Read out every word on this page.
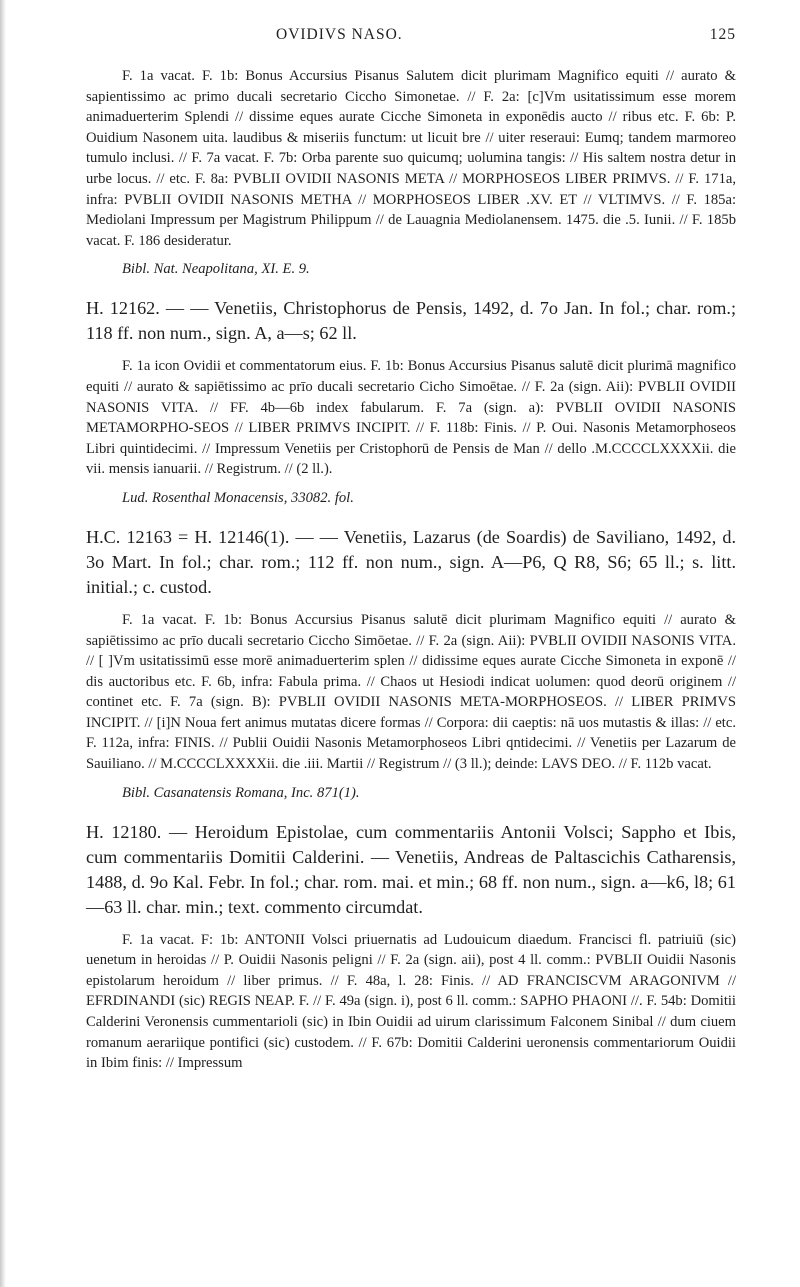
OVIDIVS NASO.	125

F. 1a vacat. F. 1b: Bonus Accursius Pisanus Salutem dicit plurimam Magnifico equiti // aurato & sapientissimo ac primo ducali secretario Ciccho Simonetae. // F. 2a: [c]Vm usitatissimum esse morem animaduerterim Splendi // dissime eques aurate Cicche Simoneta in exponēdis aucto // ribus etc. F. 6b: P. Ouidium Nasonem uita. laudibus & miseriis functum: ut licuit bre // uiter reseraui: Eumq; tandem marmoreo tumulo inclusi. // F. 7a vacat. F. 7b: Orba parente suo quicumq; uolumina tangis: // His saltem nostra detur in urbe locus. // etc. F. 8a: PVBLII OVIDII NASONIS META // MORPHOSEOS LIBER PRIMVS. // F. 171a, infra: PVBLII OVIDII NASONIS METHA // MORPHOSEOS LIBER .XV. ET // VLTIMVS. // F. 185a: Mediolani Impressum per Magistrum Philippum // de Lauagnia Mediolanensem. 1475. die .5. Iunii. // F. 185b vacat. F. 186 desideratur.

Bibl. Nat. Neapolitana, XI. E. 9.

H. 12162. — — Venetiis, Christophorus de Pensis, 1492, d. 7o Jan. In fol.; char. rom.; 118 ff. non num., sign. A, a—s; 62 ll.

F. 1a icon Ovidii et commentatorum eius. F. 1b: Bonus Accursius Pisanus salutē dicit plurimā magnifico equiti // aurato & sapiētissimo ac prīo ducali secretario Cicho Simoētae. // F. 2a (sign. Aii): PVBLII OVIDII NASONIS VITA. // FF. 4b—6b index fabularum. F. 7a (sign. a): PVBLII OVIDII NASONIS METAMORPHO-SEOS // LIBER PRIMVS INCIPIT. // F. 118b: Finis. // P. Oui. Nasonis Metamorphoseos Libri quintidecimi. // Impressum Venetiis per Cristophorū de Pensis de Man // dello .M.CCCCLXXXXii. die vii. mensis ianuarii. // Registrum. // (2 ll.).

Lud. Rosenthal Monacensis, 33082. fol.

H.C. 12163 = H. 12146(1). — — Venetiis, Lazarus (de Soardis) de Saviliano, 1492, d. 3o Mart. In fol.; char. rom.; 112 ff. non num., sign. A—P6, Q R8, S6; 65 ll.; s. litt. initial.; c. custod.

F. 1a vacat. F. 1b: Bonus Accursius Pisanus salutē dicit plurimam Magnifico equiti // aurato & sapiētissimo ac prīo ducali secretario Ciccho Simōetae. // F. 2a (sign. Aii): PVBLII OVIDII NASONIS VITA. // [ ]Vm usitatissimū esse morē animaduerterim splen // didissime eques aurate Cicche Simoneta in exponē // dis auctoribus etc. F. 6b, infra: Fabula prima. // Chaos ut Hesiodi indicat uolumen: quod deorū originem // continet etc. F. 7a (sign. B): PVBLII OVIDII NASONIS META-MORPHOSEOS. // LIBER PRIMVS INCIPIT. // [i]N Noua fert animus mutatas dicere formas // Corpora: dii caeptis: nā uos mutastis & illas: // etc. F. 112a, infra: FINIS. // Publii Ouidii Nasonis Metamorphoseos Libri qntidecimi. // Venetiis per Lazarum de Sauiliano. // M.CCCCLXXXXii. die .iii. Martii // Registrum // (3 ll.); deinde: LAVS DEO. // F. 112b vacat.

Bibl. Casanatensis Romana, Inc. 871(1).

H. 12180. — Heroidum Epistolae, cum commentariis Antonii Volsci; Sappho et Ibis, cum commentariis Domitii Calderini. — Venetiis, Andreas de Paltascichis Catharensis, 1488, d. 9o Kal. Febr. In fol.; char. rom. mai. et min.; 68 ff. non num., sign. a—k6, l8; 61—63 ll. char. min.; text. commento circumdat.

F. 1a vacat. F: 1b: ANTONII Volsci priuernatis ad Ludouicum diaedum. Francisci fl. patriuiū (sic) uenetum in heroidas // P. Ouidii Nasonis peligni // F. 2a (sign. aii), post 4 ll. comm.: PVBLII Ouidii Nasonis epistolarum heroidum // liber primus. // F. 48a, l. 28: Finis. // AD FRANCISCVM ARAGONIVM // EFRDINANDI (sic) REGIS NEAP. F. // F. 49a (sign. i), post 6 ll. comm.: SAPHO PHAONI //. F. 54b: Domitii Calderini Veronensis cummentarioli (sic) in Ibin Ouidii ad uirum clarissimum Falconem Sinibal // dum ciuem romanum aerariique pontifici (sic) custodem. // F. 67b: Domitii Calderini ueronensis commentariorum Ouidii in Ibim finis: // Impressum
